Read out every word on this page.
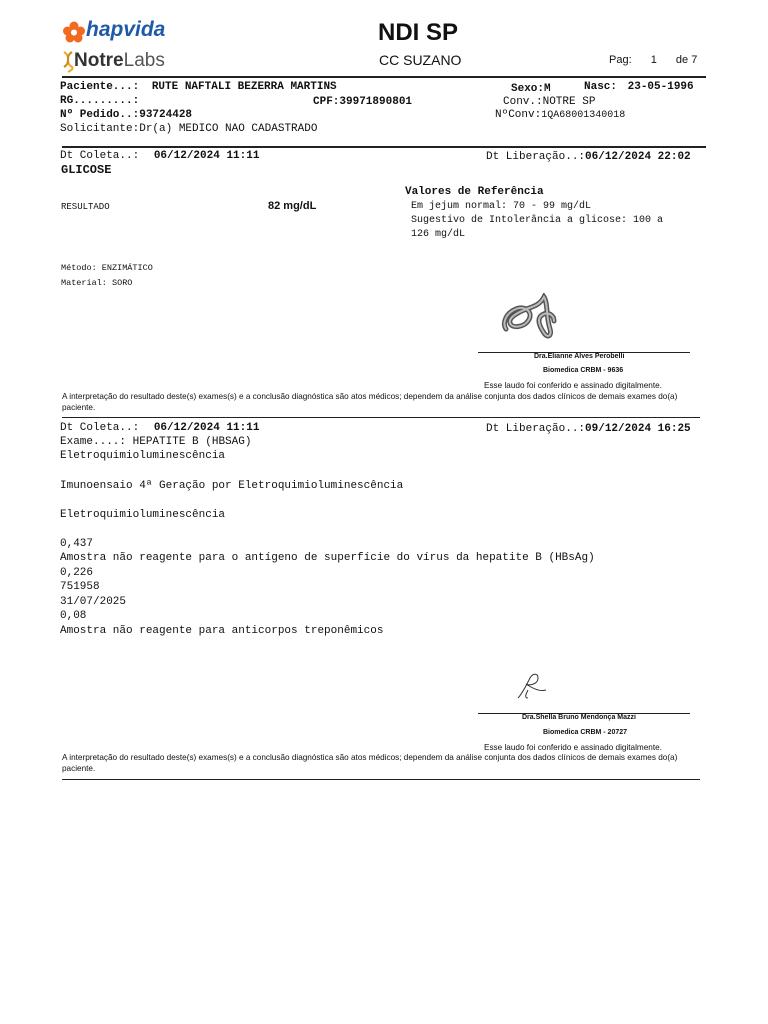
hapvida
NotreLabs
NDI SP
CC SUZANO	Pag: 1 de 7
Paciente...: RUTE NAFTALI BEZERRA MARTINS	Sexo:M	Nasc: 23-05-1996
RG.........:	CPF:39971890801	Conv.:NOTRE SP
Nº Pedido..:93724428	NºConv:1QA68001340018
Solicitante:Dr(a) MEDICO NAO CADASTRADO
Dt Coleta..: 06/12/2024 11:11	Dt Liberação..:06/12/2024 22:02
GLICOSE
Valores de Referência
RESULTADO	82 mg/dL	Em jejum normal: 70 - 99 mg/dL
Sugestivo de Intolerância a glicose: 100 a
126 mg/dL
Método: ENZIMÁTICO
Material: SORO
Dra.Elianne Alves Perobelli
Biomedica CRBM - 9636
Esse laudo foi conferido e assinado digitalmente.
A interpretação do resultado deste(s) exames(s) e a conclusão diagnóstica são atos médicos; dependem da análise conjunta dos dados clínicos de demais exames do(a) paciente.
Dt Coleta..: 06/12/2024 11:11	Dt Liberação..:09/12/2024 16:25
Exame....: HEPATITE B (HBSAG)
Eletroquimioluminescência
Imunoensaio 4ª Geração por Eletroquimioluminescência
Eletroquimioluminescência
0,437
Amostra não reagente para o antígeno de superfície do vírus da hepatite B (HBsAg)
0,226
751958
31/07/2025
0,08
Amostra não reagente para anticorpos treponêmicos
Dra.Shella Bruno Mendonça Mazzi
Biomedica CRBM - 20727
Esse laudo foi conferido e assinado digitalmente.
A interpretação do resultado deste(s) exames(s) e a conclusão diagnóstica são atos médicos; dependem da análise conjunta dos dados clínicos de demais exames do(a) paciente.
